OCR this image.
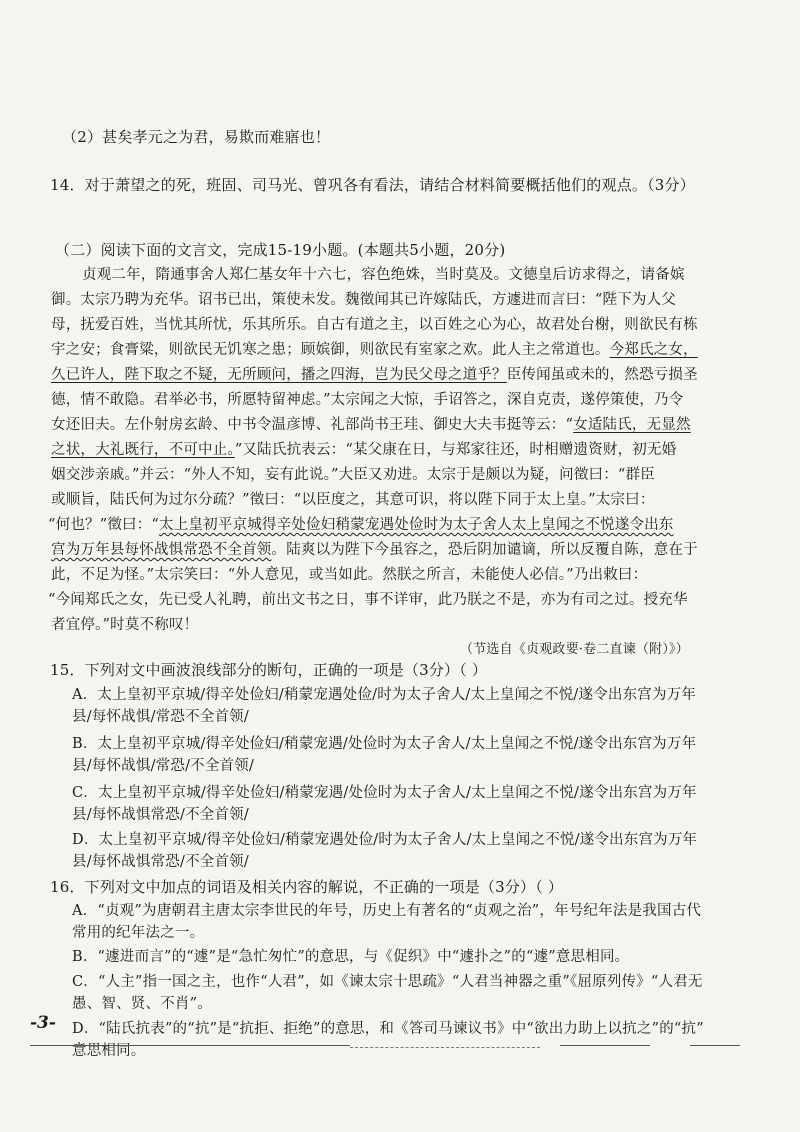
（2）甚矣孝元之为君，易欺而难寤也！

14．对于萧望之的死，班固、司马光、曾巩各有看法，请结合材料简要概括他们的观点。（3分）

（二）阅读下面的文言文，完成15-19小题。(本题共5小题，20分)

贞观二年，隋通事舍人郑仁基女年十六七，容色绝姝，当时莫及。文德皇后访求得之，请备嫔

御。太宗乃聘为充华。诏书已出，策使未发。魏徵闻其已许嫁陆氏，方遽进而言曰：“陛下为人父

母，抚爱百姓，当忧其所忧，乐其所乐。自古有道之主，以百姓之心为心，故君处台榭，则欲民有栋

宇之安；食膏粱，则欲民无饥寒之患；顾嫔御，则欲民有室家之欢。此人主之常道也。今郑氏之女，

久已许人，陛下取之不疑，无所顾问，播之四海，岂为民父母之道乎？臣传闻虽或未的，然恐亏损圣

德，情不敢隐。君举必书，所愿特留神虑。”太宗闻之大惊，手诏答之，深自克责，遂停策使，乃令

女还旧夫。左仆射房玄龄、中书令温彦博、礼部尚书王珪、御史大夫韦挺等云：“女适陆氏，无显然

之状，大礼既行，不可中止。”又陆氏抗表云：“某父康在日，与郑家往还，时相赠遗资财，初无婚

姻交涉亲戚。”并云：“外人不知，妄有此说。”大臣又劝进。太宗于是颇以为疑，问徵曰：“群臣

或顺旨，陆氏何为过尔分疏？”徵曰：“以臣度之，其意可识，将以陛下同于太上皇。”太宗曰：

“何也？”徵曰：“太上皇初平京城得辛处俭妇稍蒙宠遇处俭时为太子舍人太上皇闻之不悦遂令出东

宫为万年县每怀战惧常恐不全首领。陆爽以为陛下今虽容之，恐后阴加谴谪，所以反覆自陈，意在于

此，不足为怪。”太宗笑曰：“外人意见，或当如此。然朕之所言，未能使人必信。”乃出敕曰：

“今闻郑氏之女，先已受人礼聘，前出文书之日，事不详审，此乃朕之不是，亦为有司之过。授充华

者宜停。”时莫不称叹！

（节选自《贞观政要·卷二直谏（附）》）

15．下列对文中画波浪线部分的断句，正确的一项是（3分）（ ）

A．太上皇初平京城/得辛处俭妇/稍蒙宠遇处俭/时为太子舍人/太上皇闻之不悦/遂令出东宫为万年

县/每怀战惧/常恐不全首领/

B．太上皇初平京城/得辛处俭妇/稍蒙宠遇/处俭时为太子舍人/太上皇闻之不悦/遂令出东宫为万年

县/每怀战惧/常恐/不全首领/

C．太上皇初平京城/得辛处俭妇/稍蒙宠遇/处俭时为太子舍人/太上皇闻之不悦/遂令出东宫为万年

县/每怀战惧常恐/不全首领/

D．太上皇初平京城/得辛处俭妇/稍蒙宠遇处俭/时为太子舍人/太上皇闻之不悦/遂令出东宫为万年

县/每怀战惧常恐/不全首领/

16．下列对文中加点的词语及相关内容的解说，不正确的一项是（3分）（ ）

A．“贞观”为唐朝君主唐太宗李世民的年号，历史上有著名的“贞观之治”，年号纪年法是我国古代

常用的纪年法之一。

B．“遽进而言”的“遽”是“急忙匆忙”的意思，与《促织》中“遽扑之”的“遽”意思相同。

C．“人主”指一国之主，也作“人君”，如《谏太宗十思疏》“人君当神器之重”《屈原列传》“人君无

愚、智、贤、不肖”。

D．“陆氏抗表”的“抗”是“抗拒、拒绝”的意思，和《答司马谏议书》中“欲出力助上以抗之”的“抗”

意思相同。

-3-
